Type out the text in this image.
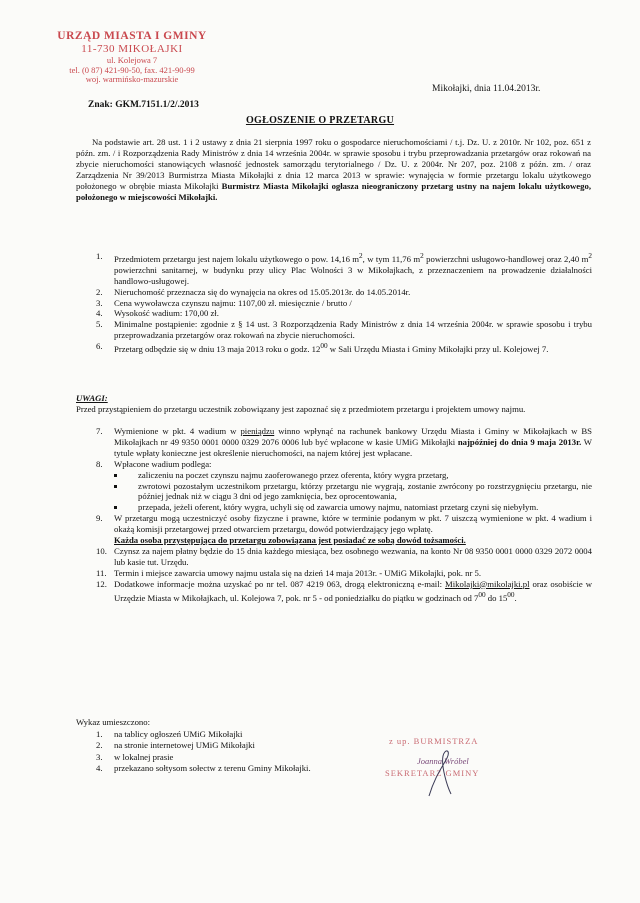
URZĄD MIASTA I GMINY
11-730 MIKOŁAJKI
ul. Kolejowa 7
tel. (0 87) 421-90-50, fax. 421-90-99
woj. warmińsko-mazurskie
Mikołajki, dnia 11.04.2013r.
Znak: GKM.7151.1/2/.2013
OGŁOSZENIE O PRZETARGU
Na podstawie art. 28 ust. 1 i 2 ustawy z dnia 21 sierpnia 1997 roku o gospodarce nieruchomościami / t.j. Dz. U. z 2010r. Nr 102, poz. 651 z późn. zm. / i Rozporządzenia Rady Ministrów z dnia 14 września 2004r. w sprawie sposobu i trybu przeprowadzania przetargów oraz rokowań na zbycie nieruchomości stanowiących własność jednostek samorządu terytorialnego / Dz. U. z 2004r. Nr 207, poz. 2108 z późn. zm. / oraz Zarządzenia Nr 39/2013 Burmistrza Miasta Mikołajki z dnia 12 marca 2013 w sprawie: wynajęcia w formie przetargu lokalu użytkowego położonego w obrębie miasta Mikołajki Burmistrz Miasta Mikołajki ogłasza nieograniczony przetarg ustny na najem lokalu użytkowego, położonego w miejscowości Mikołajki.
1. Przedmiotem przetargu jest najem lokalu użytkowego o pow. 14,16 $m^2$, w tym 11,76 $m^2$ powierzchni usługowo-handlowej oraz 2,40 $m^2$ powierzchni sanitarnej, w budynku przy ulicy Plac Wolności 3 w Mikołajkach, z przeznaczeniem na prowadzenie działalności handlowo-usługowej.
2. Nieruchomość przeznacza się do wynajęcia na okres od 15.05.2013r. do 14.05.2014r.
3. Cena wywoławcza czynszu najmu: 1107,00 zł. miesięcznie / brutto /
4. Wysokość wadium: 170,00 zł.
5. Minimalne postąpienie: zgodnie z § 14 ust. 3 Rozporządzenia Rady Ministrów z dnia 14 września 2004r. w sprawie sposobu i trybu przeprowadzania przetargów oraz rokowań na zbycie nieruchomości.
6. Przetarg odbędzie się w dniu 13 maja 2013 roku o godz. $12^{00}$ w Sali Urzędu Miasta i Gminy Mikołajki przy ul. Kolejowej 7.
UWAGI:
Przed przystąpieniem do przetargu uczestnik zobowiązany jest zapoznać się z przedmiotem przetargu i projektem umowy najmu.
7. Wymienione w pkt. 4 wadium w pieniądzu winno wpłynąć na rachunek bankowy Urzędu Miasta i Gminy w Mikołajkach w BS Mikołajkach nr 49 9350 0001 0000 0329 2076 0006 lub być wpłacone w kasie UMiG Mikołajki najpóźniej do dnia 9 maja 2013r. W tytule wpłaty konieczne jest określenie nieruchomości, na najem której jest wpłacane.
8. Wpłacone wadium podlega:
zaliczeniu na poczet czynszu najmu zaoferowanego przez oferenta, który wygra przetarg,
zwrotowi pozostałym uczestnikom przetargu, którzy przetargu nie wygrają, zostanie zwrócony po rozstrzygnięciu przetargu, nie później jednak niż w ciągu 3 dni od jego zamknięcia, bez oprocentowania,
przepada, jeżeli oferent, który wygra, uchyli się od zawarcia umowy najmu, natomiast przetarg czyni się niebyłym.
9. W przetargu mogą uczestniczyć osoby fizyczne i prawne, które w terminie podanym w pkt. 7 uiszczą wymienione w pkt. 4 wadium i okażą komisji przetargowej przed otwarciem przetargu, dowód potwierdzający jego wpłatę.
Każda osoba przystępująca do przetargu zobowiązana jest posiadać ze sobą dowód tożsamości.
10. Czynsz za najem płatny będzie do 15 dnia każdego miesiąca, bez osobnego wezwania, na konto Nr 08 9350 0001 0000 0329 2072 0004 lub kasie tut. Urzędu.
11. Termin i miejsce zawarcia umowy najmu ustala się na dzień 14 maja 2013r. - UMiG Mikołajki, pok. nr 5.
12. Dodatkowe informacje można uzyskać po nr tel. 087 4219 063, drogą elektroniczną e-mail: Mikolajki@mikolajki.pl oraz osobiście w Urzędzie Miasta w Mikołajkach, ul. Kolejowa 7, pok. nr 5 - od poniedziałku do piątku w godzinach od $7^{00}$ do $15^{00}$.
Wykaz umieszczono:
1. na tablicy ogłoszeń UMiG Mikołajki
2. na stronie internetowej UMiG Mikołajki
3. w lokalnej prasie
4. przekazano sołtysom sołectw z terenu Gminy Mikołajki.
z up. BURMISTRZA
Joanna Wróbel
SEKRETARZ GMINY
